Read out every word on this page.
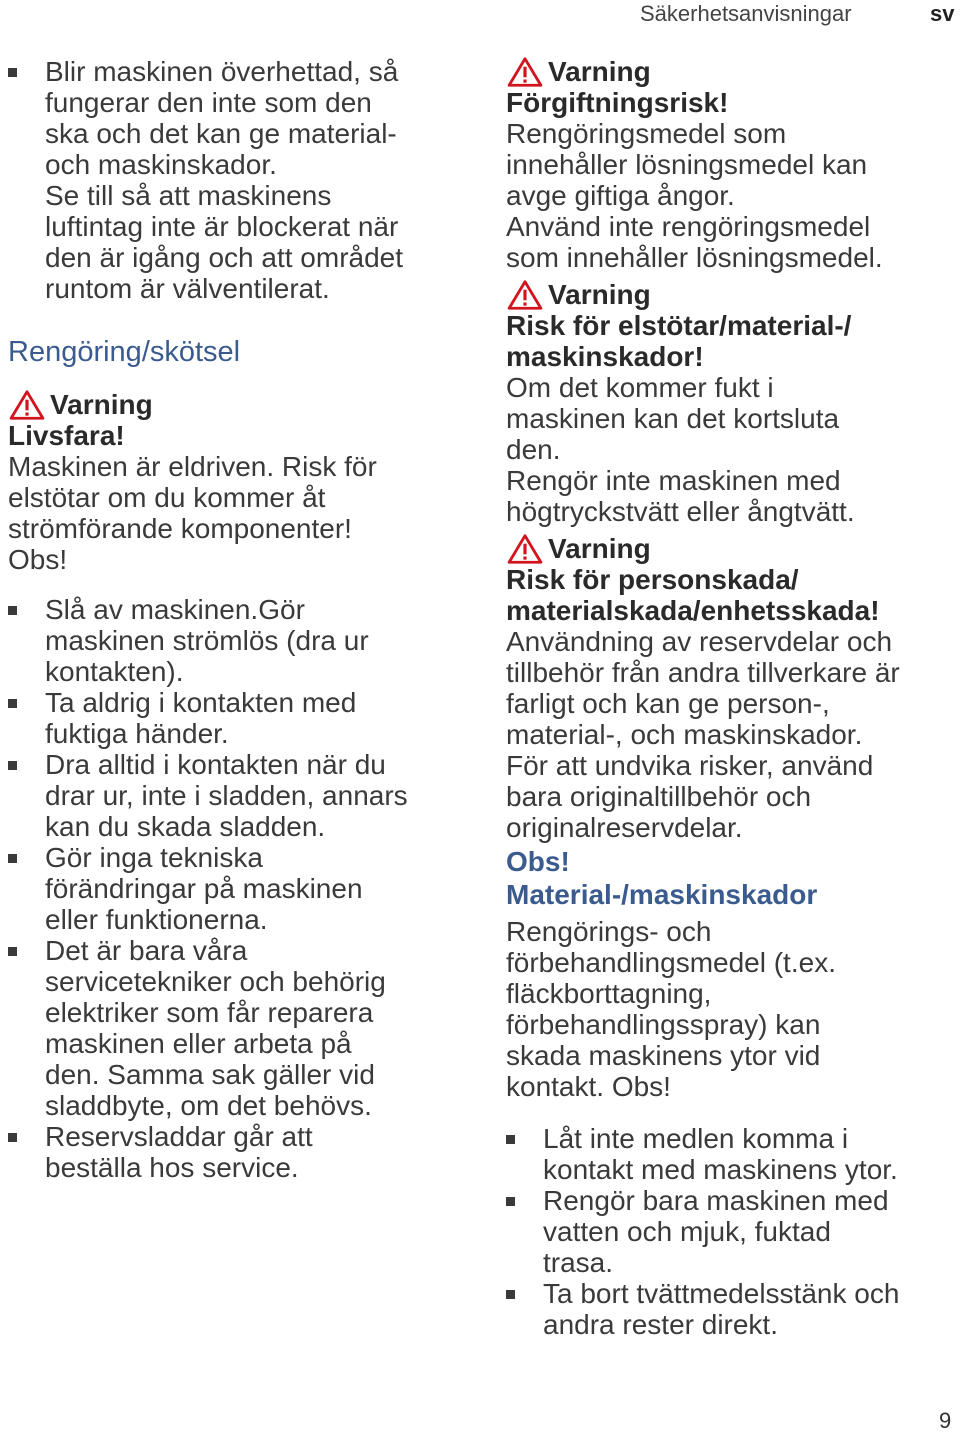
Säkerhetsanvisningar	sv
Blir maskinen överhettad, så
fungerar den inte som den
ska och det kan ge material-
och maskinskador.
Se till så att maskinens
luftintag inte är blockerat när
den är igång och att området
runtom är välventilerat.

Rengöring/skötsel

Varning

Livsfara!

Maskinen är eldriven. Risk för
elstötar om du kommer åt
strömförande komponenter!
Obs!
Slå av maskinen.Gör
maskinen strömlös (dra ur
kontakten).
Ta aldrig i kontakten med
fuktiga händer.
Dra alltid i kontakten när du
drar ur, inte i sladden, annars
kan du skada sladden.
Gör inga tekniska
förändringar på maskinen
eller funktionerna.
Det är bara våra
servicetekniker och behörig
elektriker som får reparera
maskinen eller arbeta på
den. Samma sak gäller vid
sladdbyte, om det behövs.
Reservsladdar går att
beställa hos service.
Varning
Förgiftningsrisk!
Rengöringsmedel som
innehåller lösningsmedel kan
avge giftiga ångor.
Använd inte rengöringsmedel
som innehåller lösningsmedel.
Varning
Risk för elstötar/material-/
maskinskador!
Om det kommer fukt i
maskinen kan det kortsluta
den.
Rengör inte maskinen med
högtryckstvätt eller ångtvätt.
Varning
Risk för personskada/
materialskada/enhetsskada!
Användning av reservdelar och
tillbehör från andra tillverkare är
farligt och kan ge person-,
material-, och maskinskador.
För att undvika risker, använd
bara originaltillbehör och
originalreservdelar.

Obs!

Material-/maskinskador

Rengörings- och
förbehandlingsmedel (t.ex.
fläckborttagning,
förbehandlingsspray) kan
skada maskinens ytor vid
kontakt. Obs!
Låt inte medlen komma i
kontakt med maskinens ytor.
Rengör bara maskinen med
vatten och mjuk, fuktad
trasa.
Ta bort tvättmedelsstänk och
andra rester direkt.
9
